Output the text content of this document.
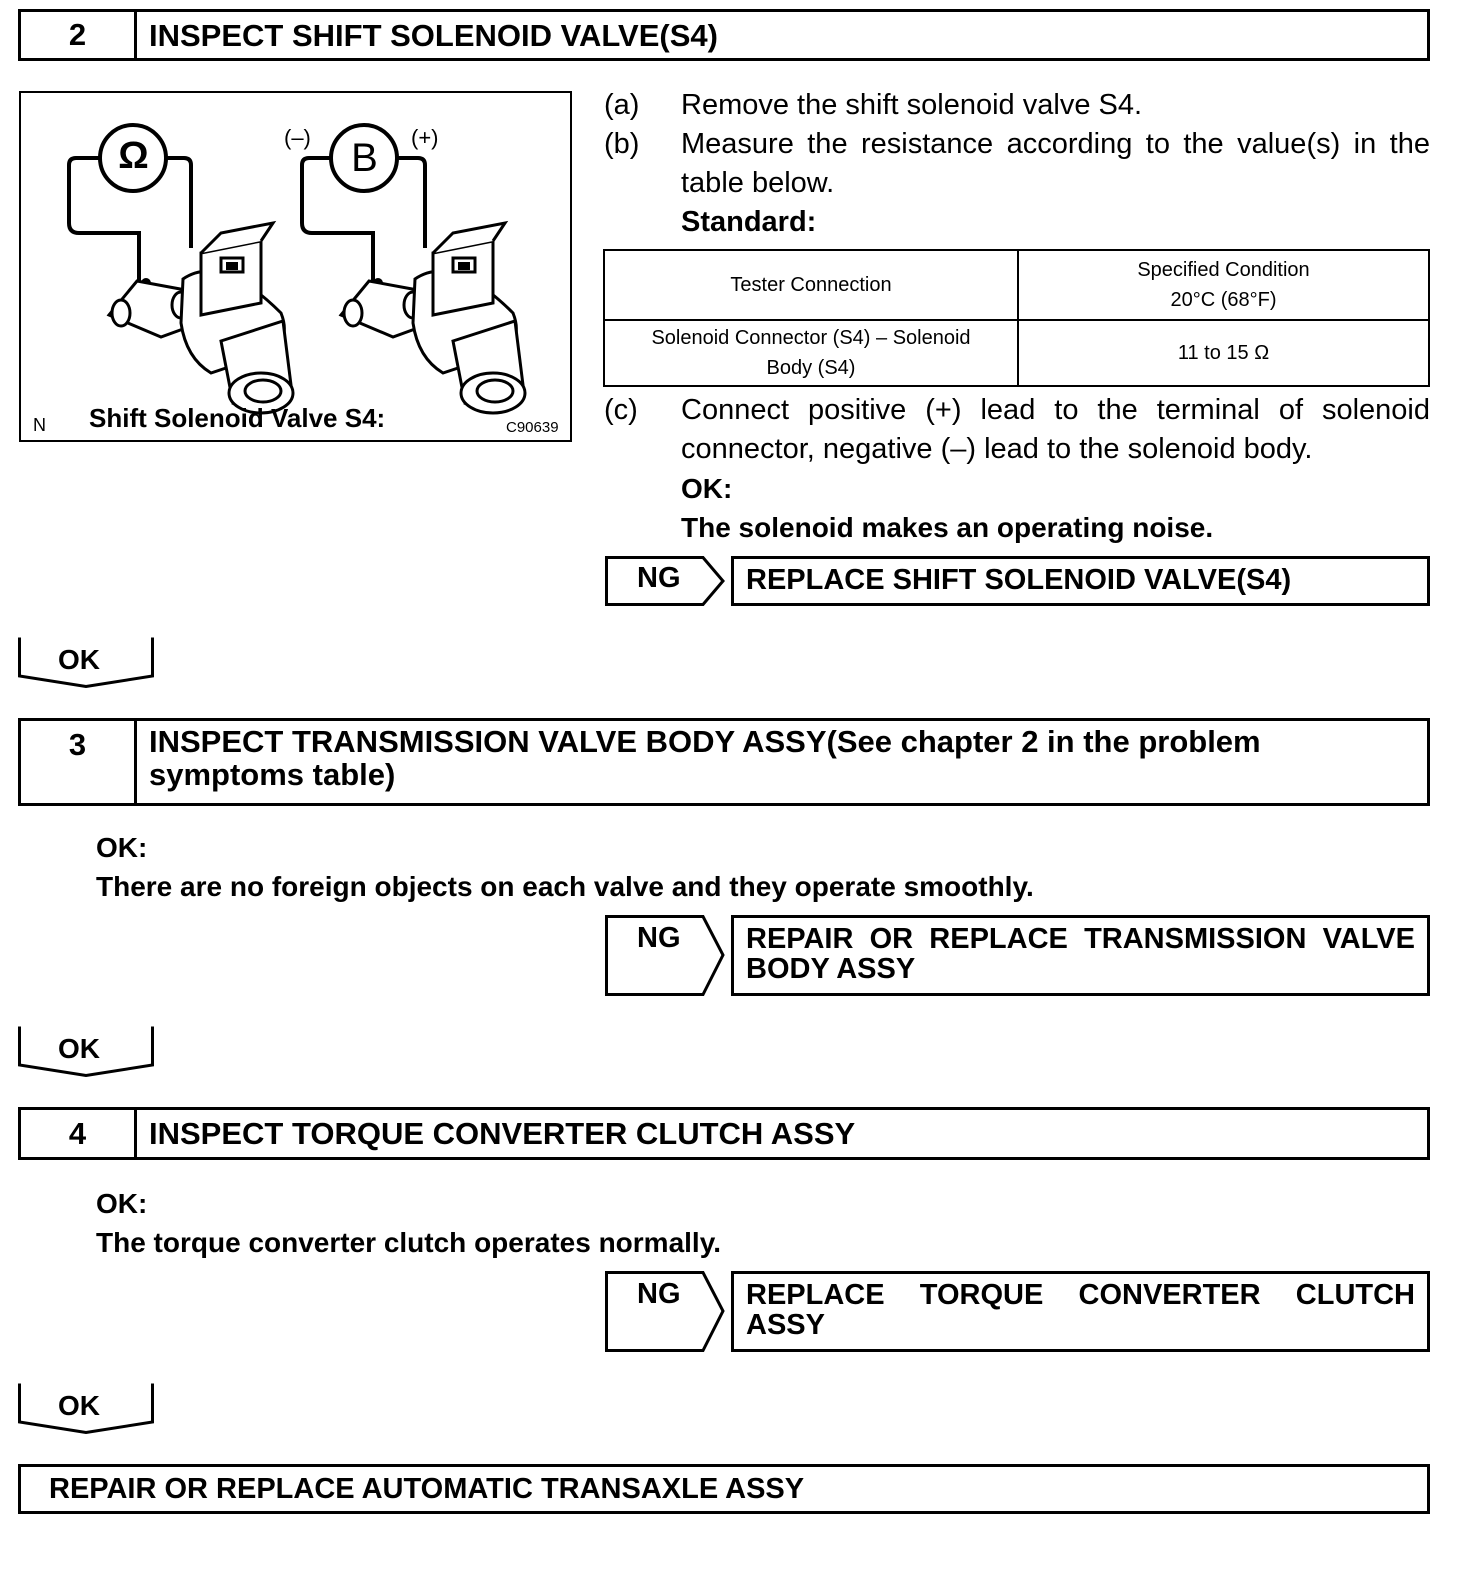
2	INSPECT SHIFT SOLENOID VALVE(S4)
Ω	B
(–)	(+)
N Shift Solenoid Valve S4:	C90639
(a)	Remove the shift solenoid valve S4.
(b)	Measure the resistance according to the value(s) in the table below.
Standard:
Tester Connection	Specified Condition
20°C (68°F)

Solenoid Connector (S4) – Solenoid Body (S4)	11 to 15 Ω
(c)	Connect positive (+) lead to the terminal of solenoid connector, negative (–) lead to the solenoid body.
OK:
The solenoid makes an operating noise.
NG	REPLACE SHIFT SOLENOID VALVE(S4)
OK
3	INSPECT TRANSMISSION VALVE BODY ASSY(See chapter 2 in the problem symptoms table)
OK:
There are no foreign objects on each valve and they operate smoothly.
NG	REPAIR OR REPLACE TRANSMISSION VALVE BODY ASSY
OK
4	INSPECT TORQUE CONVERTER CLUTCH ASSY
OK:
The torque converter clutch operates normally.
NG	REPLACE TORQUE CONVERTER CLUTCH ASSY
OK
REPAIR OR REPLACE AUTOMATIC TRANSAXLE ASSY
